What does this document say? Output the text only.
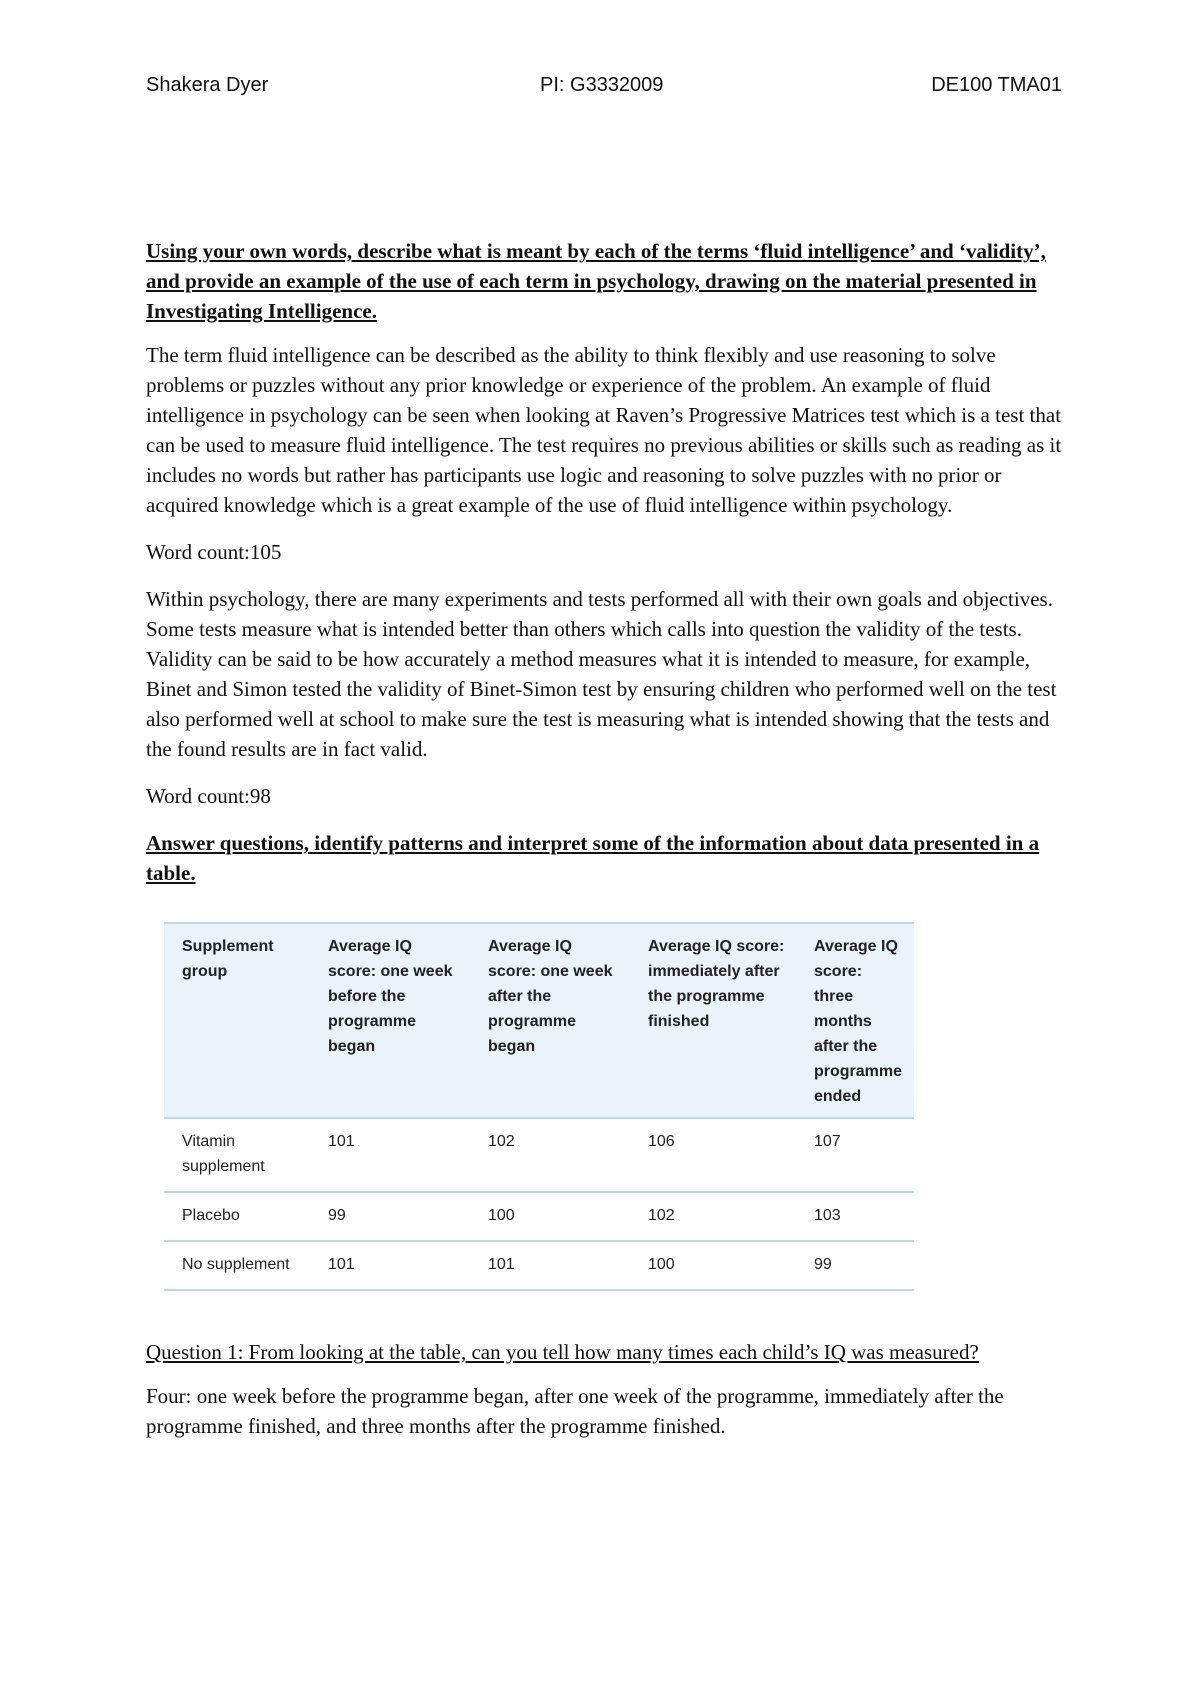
Shakera Dyer	PI: G3332009	DE100 TMA01

Using your own words, describe what is meant by each of the terms ‘fluid intelligence’ and ‘validity’, and provide an example of the use of each term in psychology, drawing on the material presented in Investigating Intelligence.

The term fluid intelligence can be described as the ability to think flexibly and use reasoning to solve problems or puzzles without any prior knowledge or experience of the problem. An example of fluid intelligence in psychology can be seen when looking at Raven’s Progressive Matrices test which is a test that can be used to measure fluid intelligence. The test requires no previous abilities or skills such as reading as it includes no words but rather has participants use logic and reasoning to solve puzzles with no prior or acquired knowledge which is a great example of the use of fluid intelligence within psychology.

Word count:105

Within psychology, there are many experiments and tests performed all with their own goals and objectives. Some tests measure what is intended better than others which calls into question the validity of the tests. Validity can be said to be how accurately a method measures what it is intended to measure, for example, Binet and Simon tested the validity of Binet-Simon test by ensuring children who performed well on the test also performed well at school to make sure the test is measuring what is intended showing that the tests and the found results are in fact valid.

Word count:98

Answer questions, identify patterns and interpret some of the information about data presented in a table.

Supplement group	Average IQ score: one week before the programme began	Average IQ score: one week after the programme began	Average IQ score: immediately after the programme finished	Average IQ score: three months after the programme ended
Vitamin supplement	101	102	106	107
Placebo	99	100	102	103
No supplement	101	101	100	99

Question 1: From looking at the table, can you tell how many times each child’s IQ was measured?

Four: one week before the programme began, after one week of the programme, immediately after the programme finished, and three months after the programme finished.
